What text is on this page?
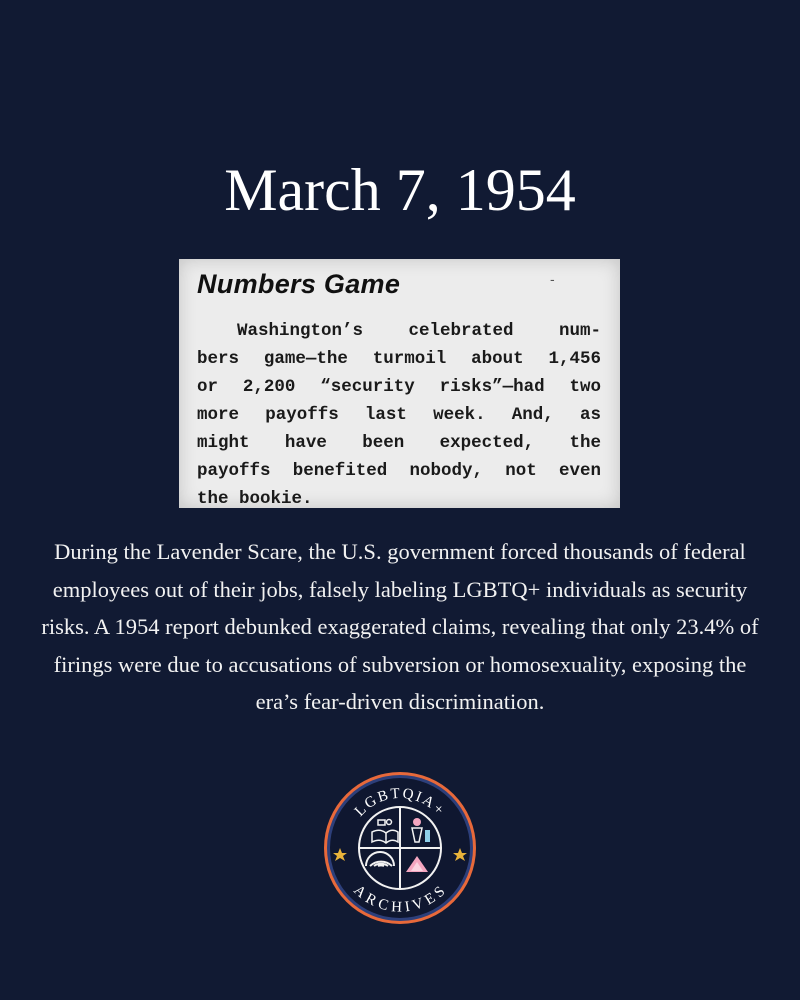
March 7, 1954
Numbers Game	-
Washington’s celebrated num-
bers game—the turmoil about 1,456
or 2,200 “security risks”—had two
more payoffs last week. And, as
might have been expected, the
payoffs benefited nobody, not even
the bookie.
During the Lavender Scare, the U.S. government forced thousands of federal employees out of their jobs, falsely labeling LGBTQ+ individuals as security risks. A 1954 report debunked exaggerated claims, revealing that only 23.4% of firings were due to accusations of subversion or homosexuality, exposing the era’s fear-driven discrimination.
LGBTQIA+
ARCHIVES
